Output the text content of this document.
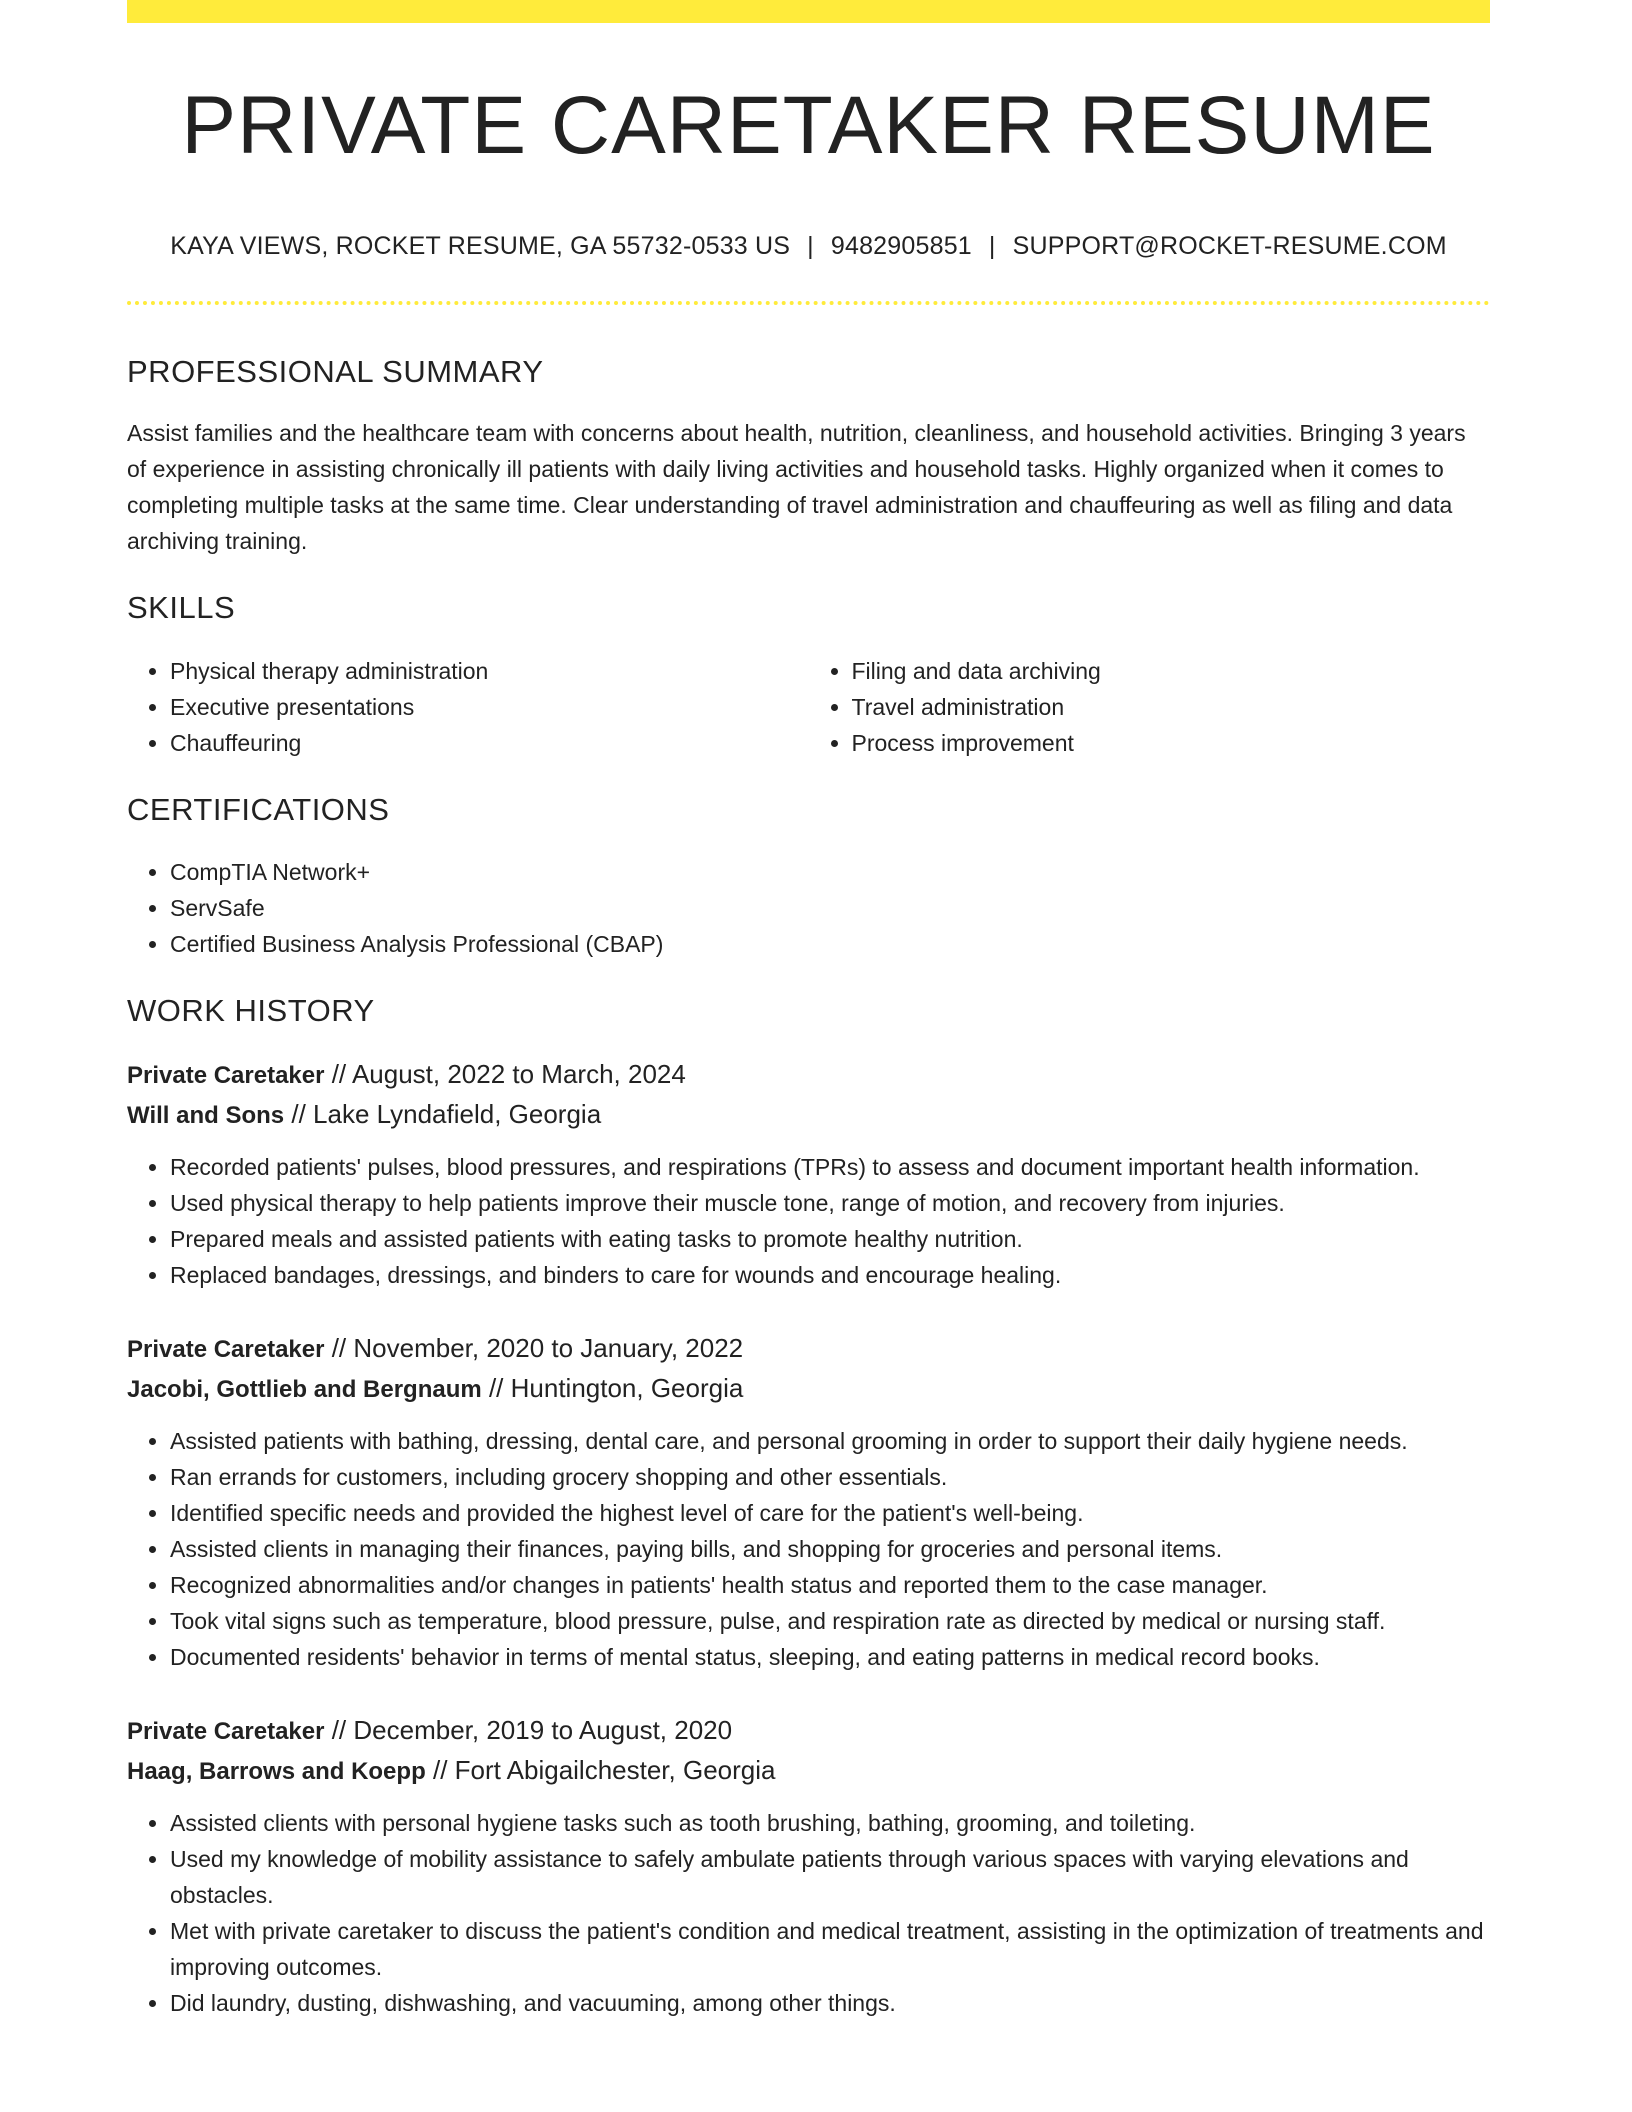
PRIVATE CARETAKER RESUME
KAYA VIEWS, ROCKET RESUME, GA 55732-0533 US | 9482905851 | SUPPORT@ROCKET-RESUME.COM
PROFESSIONAL SUMMARY

Assist families and the healthcare team with concerns about health, nutrition, cleanliness, and household activities. Bringing 3 years of experience in assisting chronically ill patients with daily living activities and household tasks. Highly organized when it comes to completing multiple tasks at the same time. Clear understanding of travel administration and chauffeuring as well as filing and data archiving training.

SKILLS
• Physical therapy administration
• Executive presentations
• Chauffeuring
• Filing and data archiving
• Travel administration
• Process improvement
CERTIFICATIONS
• CompTIA Network+
• ServSafe
• Certified Business Analysis Professional (CBAP)
WORK HISTORY
Private Caretaker // August, 2022 to March, 2024
Will and Sons // Lake Lyndafield, Georgia
• Recorded patients' pulses, blood pressures, and respirations (TPRs) to assess and document important health information.
• Used physical therapy to help patients improve their muscle tone, range of motion, and recovery from injuries.
• Prepared meals and assisted patients with eating tasks to promote healthy nutrition.
• Replaced bandages, dressings, and binders to care for wounds and encourage healing.
Private Caretaker // November, 2020 to January, 2022
Jacobi, Gottlieb and Bergnaum // Huntington, Georgia
• Assisted patients with bathing, dressing, dental care, and personal grooming in order to support their daily hygiene needs.
• Ran errands for customers, including grocery shopping and other essentials.
• Identified specific needs and provided the highest level of care for the patient's well-being.
• Assisted clients in managing their finances, paying bills, and shopping for groceries and personal items.
• Recognized abnormalities and/or changes in patients' health status and reported them to the case manager.
• Took vital signs such as temperature, blood pressure, pulse, and respiration rate as directed by medical or nursing staff.
• Documented residents' behavior in terms of mental status, sleeping, and eating patterns in medical record books.
Private Caretaker // December, 2019 to August, 2020
Haag, Barrows and Koepp // Fort Abigailchester, Georgia
• Assisted clients with personal hygiene tasks such as tooth brushing, bathing, grooming, and toileting.
• Used my knowledge of mobility assistance to safely ambulate patients through various spaces with varying elevations and obstacles.
• Met with private caretaker to discuss the patient's condition and medical treatment, assisting in the optimization of treatments and improving outcomes.
• Did laundry, dusting, dishwashing, and vacuuming, among other things.
